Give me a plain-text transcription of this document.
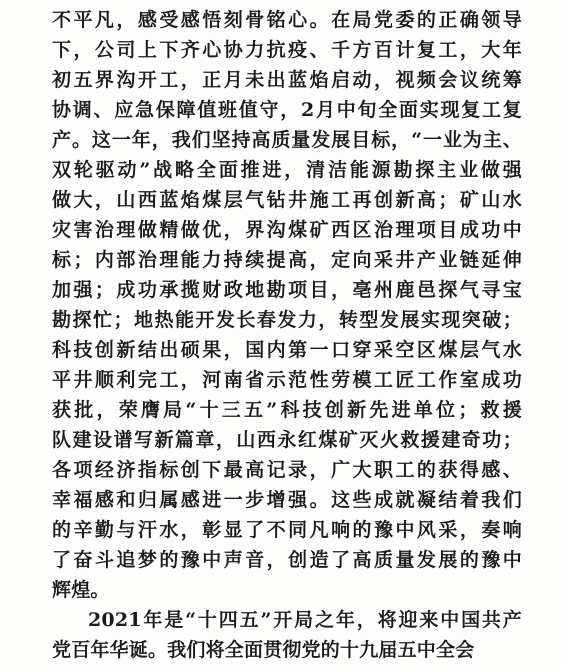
不平凡，感受感悟刻骨铭心。在局党委的正确领导
下，公司上下齐心协力抗疫、千方百计复工，大年
初五界沟开工，正月未出蓝焰启动，视频会议统筹
协调、应急保障值班值守，2月中旬全面实现复工复
产。这一年，我们坚持高质量发展目标，“一业为主、
双轮驱动”战略全面推进，清洁能源勘探主业做强
做大，山西蓝焰煤层气钻井施工再创新高；矿山水
灾害治理做精做优，界沟煤矿西区治理项目成功中
标；内部治理能力持续提高，定向采井产业链延伸
加强；成功承揽财政地勘项目，亳州鹿邑探气寻宝
勘探忙；地热能开发长春发力，转型发展实现突破；
科技创新结出硕果，国内第一口穿采空区煤层气水
平井顺利完工，河南省示范性劳模工匠工作室成功
获批，荣膺局“十三五”科技创新先进单位；救援
队建设谱写新篇章，山西永红煤矿灭火救援建奇功；
各项经济指标创下最高记录，广大职工的获得感、
幸福感和归属感进一步增强。这些成就凝结着我们
的辛勤与汗水，彰显了不同凡响的豫中风采，奏响
了奋斗追梦的豫中声音，创造了高质量发展的豫中
辉煌。
2021年是“十四五”开局之年，将迎来中国共产
党百年华诞。我们将全面贯彻党的十九届五中全会
